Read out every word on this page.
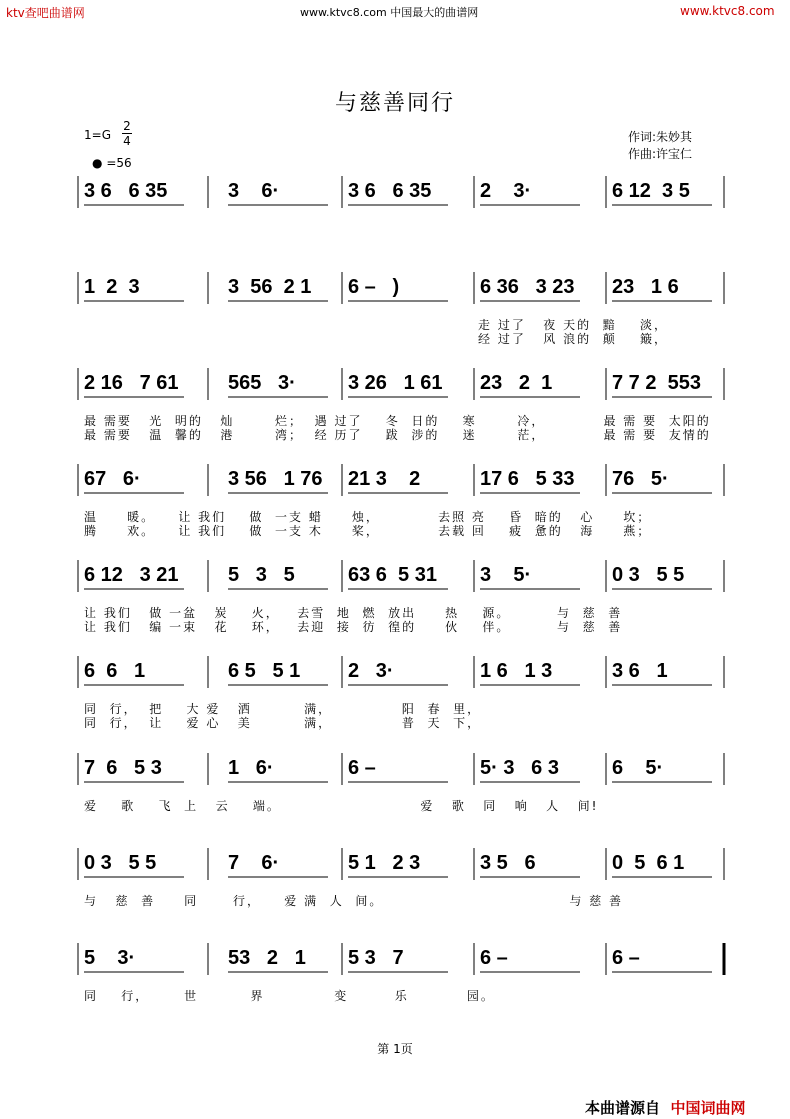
ktv查吧曲谱网	www.ktvc8.com 中国最大的曲谱网	www.ktvc8.com
与慈善同行
$1=G \frac{2}{4}$
● =56
作词:朱妙其
作曲:许宝仁
3 6   6 35	3    6·	3 6   6 35 2    3·	6 12  3 5
1  2  3	3  56  2 1 6 –   )	6 36   3 23 23   1 6
走 过了   夜 天的  黯    淡，
经 过了   风 浪的  颠    簸，
2 16   7 61 565   3·	3 26   1 61 23   2  1	7 7 2  553
最 需要   光  明的   灿       烂；  遇 过了    冬  日的    寒       冷，          最 需 要  太阳的
最 需要   温  馨的   港       湾；  经 历了    跋  涉的    迷       茫，          最 需 要  友情的
67   6·	3 56   1 76 21 3    2	17 6   5 33 76   5·
温     暖。    让 我们    做  一支 蜡     烛，          去照 亮    昏  暗的   心     坎；
腾     欢。    让 我们    做  一支 木     桨，          去载 回    疲  惫的   海     燕；
6 12   3 21 5   3   5	63 6  5 31 3    5·	0 3   5 5
让 我们   做 一盆   炭    火，   去雪  地  燃  放出     热    源。        与  慈  善
让 我们   编 一束   花    环，   去迎  接  彷  徨的     伙    伴。        与  慈  善
6  6   1	6 5   5 1 2   3·	1 6   1 3	3 6   1
同  行，  把    大 爱   洒         满，            阳  春  里，
同  行，  让    爱 心   美         满，            普  天  下，
7  6   5 3	1   6·	6 –	5· 3   6 3	6    5·
爱    歌    飞  上   云    端。                        爱   歌   同   响   人   间!
0 3   5 5	7    6·	5 1   2 3	3 5   6	0  5  6 1
与   慈  善     同      行，    爱 满  人  间。                                与 慈 善
5    3·	53   2   1 5 3   7	6 –	6 –
同    行，      世         界            变        乐          园。
第 1页
本曲谱源自 中国词曲网
